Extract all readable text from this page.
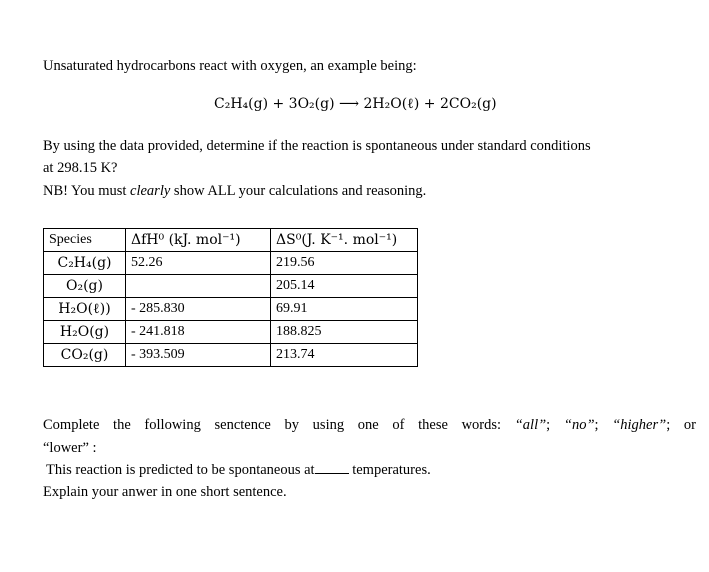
Unsaturated hydrocarbons react with oxygen, an example being:
C₂H₄(g) + 3O₂(g) ⟶ 2H₂O(ℓ) + 2CO₂(g)
By using the data provided, determine if the reaction is spontaneous under standard conditions
at 298.15 K?
NB! You must clearly show ALL your calculations and reasoning.
Species	ΔfH⁰ (kJ. mol⁻¹)	ΔS⁰(J. K⁻¹. mol⁻¹)
C₂H₄(g)	52.26	219.56
O₂(g)		205.14
H₂O(ℓ))	- 285.830	69.91
H₂O(g)	- 241.818	188.825
CO₂(g)	- 393.509	213.74
Complete the following senctence by using one of these words: “all”; “no”; “higher”; or
“lower” :
This reaction is predicted to be spontaneous at temperatures.
Explain your anwer in one short sentence.
